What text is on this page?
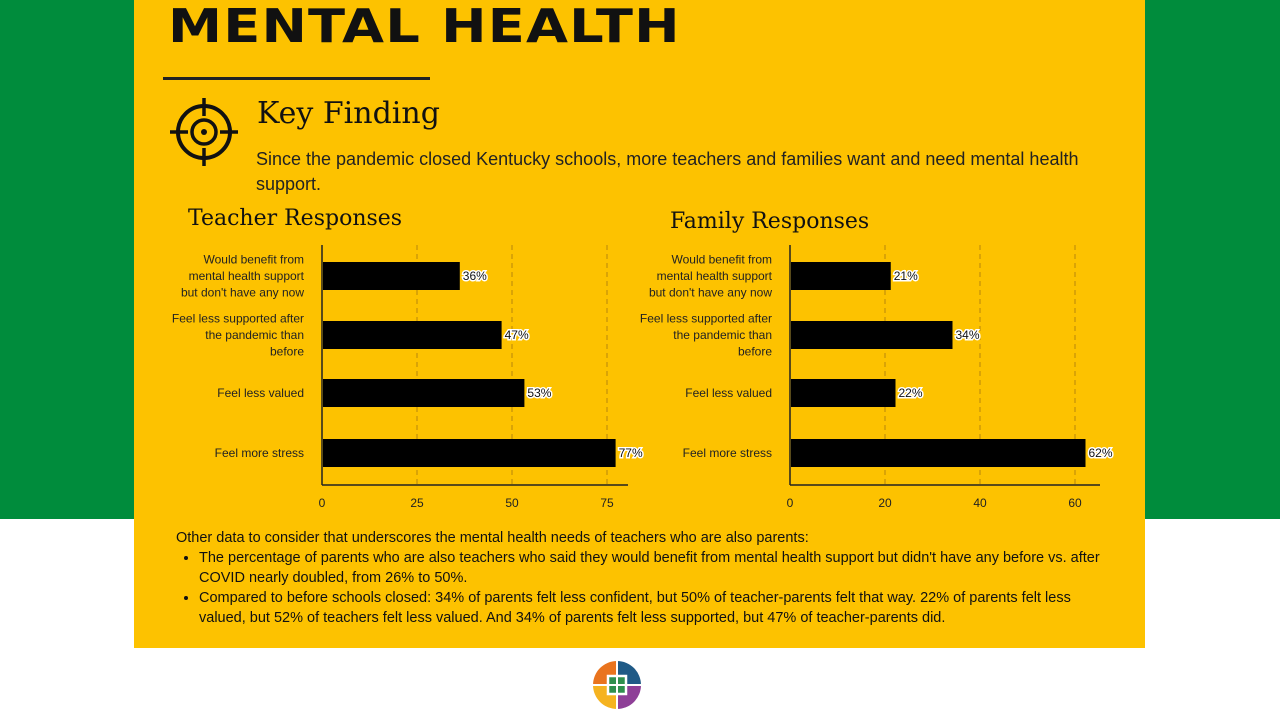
MENTAL HEALTH
Key Finding
Since the pandemic closed Kentucky schools, more teachers and families want and need mental health support.
Teacher Responses	Family Responses
0	25	50	75
36%
Would benefit from mental health support but don't have any now
47%
Feel less supported after the pandemic than before
53%
Feel less valued
77%
Feel more stress
0	20	40	60
21%
Would benefit from mental health support but don't have any now
34%
Feel less supported after the pandemic than before
22%
Feel less valued
62%
Feel more stress
Other data to consider that underscores the mental health needs of teachers who are also parents:
• The percentage of parents who are also teachers who said they would benefit from mental health support but didn't have any before vs. after COVID nearly doubled, from 26% to 50%.
• Compared to before schools closed: 34% of parents felt less confident, but 50% of teacher-parents felt that way. 22% of parents felt less valued, but 52% of teachers felt less valued. And 34% of parents felt less supported, but 47% of teacher-parents did.
